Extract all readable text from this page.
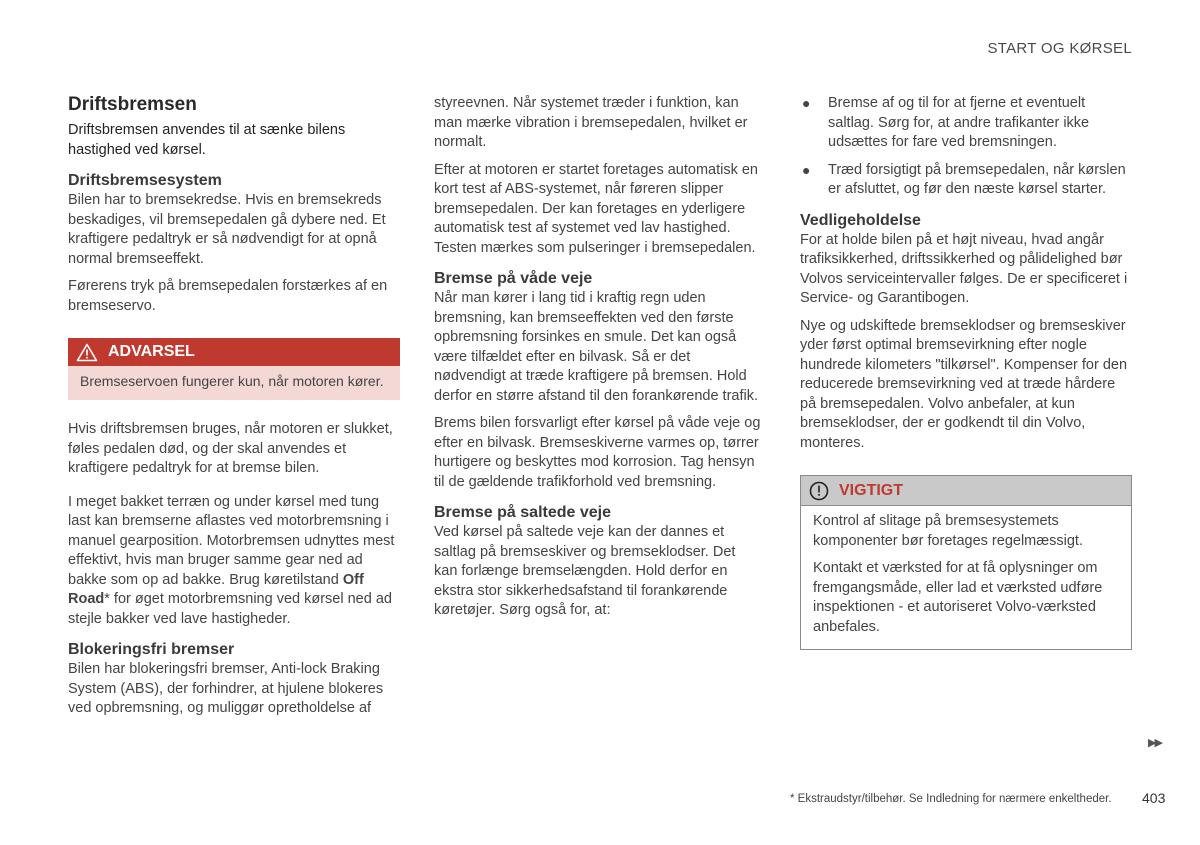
START OG KØRSEL
Driftsbremsen

Driftsbremsen anvendes til at sænke bilens hastighed ved kørsel.

Driftsbremsesystem

Bilen har to bremsekredse. Hvis en bremsekreds beskadiges, vil bremsepedalen gå dybere ned. Et kraftigere pedaltryk er så nødvendigt for at opnå normal bremseeffekt.

Førerens tryk på bremsepedalen forstærkes af en bremseservo.

ADVARSEL

Bremseservoen fungerer kun, når motoren kører.

Hvis driftsbremsen bruges, når motoren er slukket, føles pedalen død, og der skal anvendes et kraftigere pedaltryk for at bremse bilen.

I meget bakket terræn og under kørsel med tung last kan bremserne aflastes ved motorbremsning i manuel gearposition. Motorbremsen udnyttes mest effektivt, hvis man bruger samme gear ned ad bakke som op ad bakke. Brug køretilstand Off Road* for øget motorbremsning ved kørsel ned ad stejle bakker ved lave hastigheder.

Blokeringsfri bremser

Bilen har blokeringsfri bremser, Anti-lock Braking System (ABS), der forhindrer, at hjulene blokeres ved opbremsning, og muliggør opretholdelse af

styreevnen. Når systemet træder i funktion, kan man mærke vibration i bremsepedalen, hvilket er normalt.

Efter at motoren er startet foretages automatisk en kort test af ABS-systemet, når føreren slipper bremsepedalen. Der kan foretages en yderligere automatisk test af systemet ved lav hastighed. Testen mærkes som pulseringer i bremsepedalen.

Bremse på våde veje

Når man kører i lang tid i kraftig regn uden bremsning, kan bremseeffekten ved den første opbremsning forsinkes en smule. Det kan også være tilfældet efter en bilvask. Så er det nødvendigt at træde kraftigere på bremsen. Hold derfor en større afstand til den forankørende trafik.

Brems bilen forsvarligt efter kørsel på våde veje og efter en bilvask. Bremseskiverne varmes op, tørrer hurtigere og beskyttes mod korrosion. Tag hensyn til de gældende trafikforhold ved bremsning.

Bremse på saltede veje

Ved kørsel på saltede veje kan der dannes et saltlag på bremseskiver og bremseklodser. Det kan forlænge bremselængden. Hold derfor en ekstra stor sikkerhedsafstand til forankørende køretøjer. Sørg også for, at:

● Bremse af og til for at fjerne et eventuelt saltlag. Sørg for, at andre trafikanter ikke udsættes for fare ved bremsningen.
● Træd forsigtigt på bremsepedalen, når kørslen er afsluttet, og før den næste kørsel starter.
Vedligeholdelse

For at holde bilen på et højt niveau, hvad angår trafiksikkerhed, driftssikkerhed og pålidelighed bør Volvos serviceintervaller følges. De er specificeret i Service- og Garantibogen.

Nye og udskiftede bremseklodser og bremseskiver yder først optimal bremsevirkning efter nogle hundrede kilometers "tilkørsel". Kompenser for den reducerede bremsevirkning ved at træde hårdere på bremsepedalen. Volvo anbefaler, at kun bremseklodser, der er godkendt til din Volvo, monteres.

VIGTIGT

Kontrol af slitage på bremsesystemets komponenter bør foretages regelmæssigt.

Kontakt et værksted for at få oplysninger om fremgangsmåde, eller lad et værksted udføre inspektionen - et autoriseret Volvo-værksted anbefales.

▶▶
* Ekstraudstyr/tilbehør. Se Indledning for nærmere enkeltheder. 403
